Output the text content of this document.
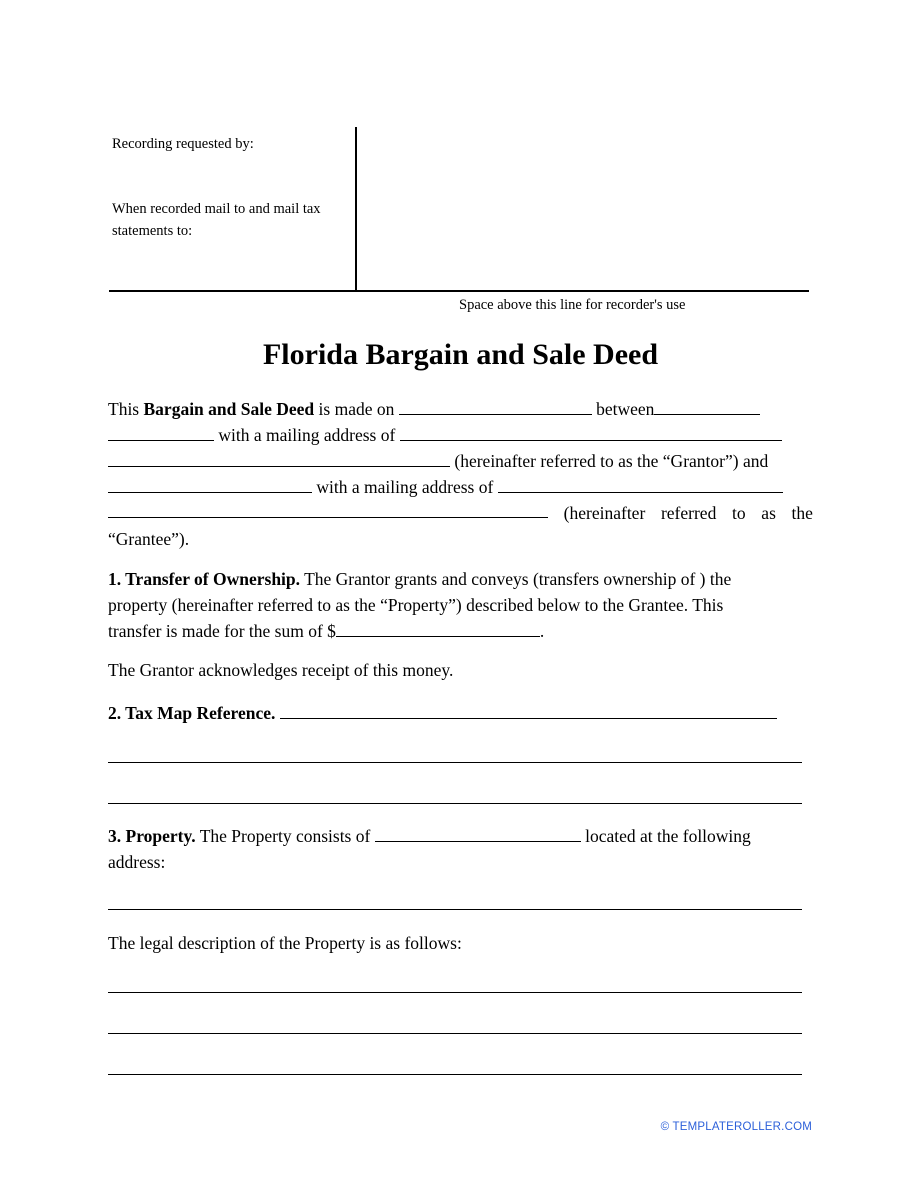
Recording requested by:
When recorded mail to and mail tax
statements to:
Space above this line for recorder's use
Florida Bargain and Sale Deed
This Bargain and Sale Deed is made on	between
with a mailing address of
(hereinafter referred to as the “Grantor”) and
with a mailing address of
(hereinafter referred to as the
“Grantee”).
1. Transfer of Ownership. The Grantor grants and conveys (transfers ownership of ) the
property (hereinafter referred to as the “Property”) described below to the Grantee. This
transfer is made for the sum of $	.
The Grantor acknowledges receipt of this money.
2. Tax Map Reference.
3. Property. The Property consists of	located at the following
address:
The legal description of the Property is as follows:
© TEMPLATEROLLER.COM
